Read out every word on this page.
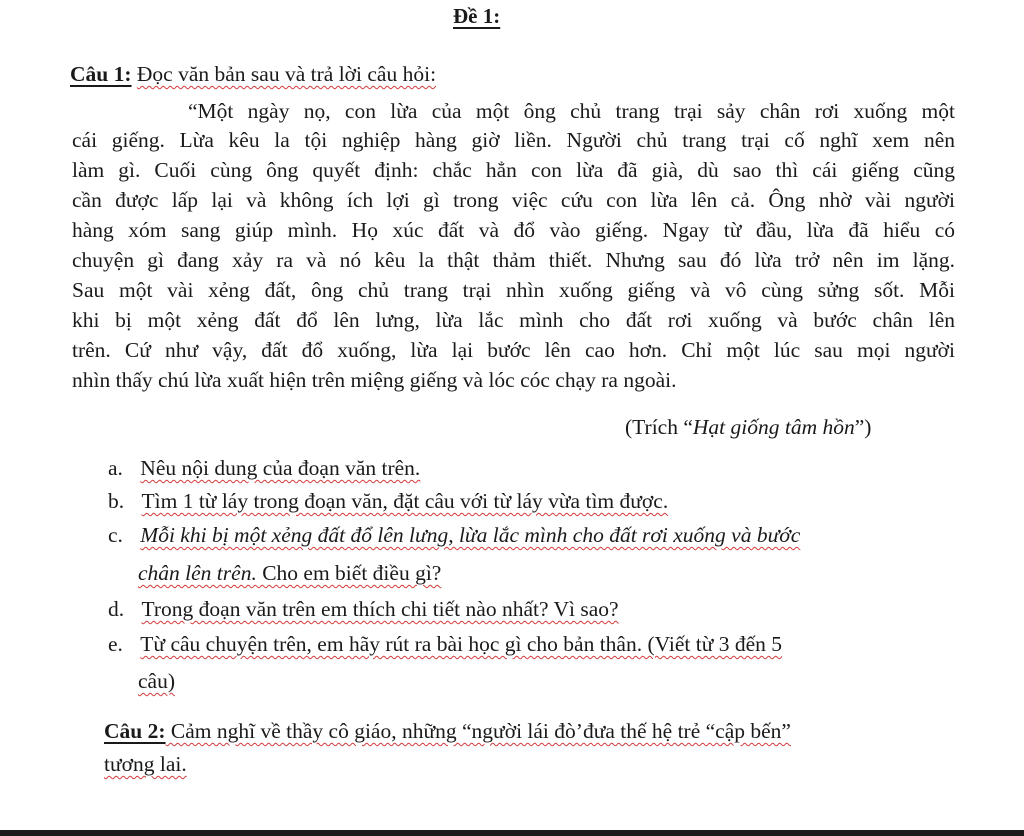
Đề 1:
Câu 1: Đọc văn bản sau và trả lời câu hỏi:
“Một ngày nọ, con lừa của một ông chủ trang trại sảy chân rơi xuống một
cái giếng. Lừa kêu la tội nghiệp hàng giờ liền. Người chủ trang trại cố nghĩ xem nên
làm gì. Cuối cùng ông quyết định: chắc hẳn con lừa đã già, dù sao thì cái giếng cũng
cần được lấp lại và không ích lợi gì trong việc cứu con lừa lên cả. Ông nhờ vài người
hàng xóm sang giúp mình. Họ xúc đất và đổ vào giếng. Ngay từ đầu, lừa đã hiểu có
chuyện gì đang xảy ra và nó kêu la thật thảm thiết. Nhưng sau đó lừa trở nên im lặng.
Sau một vài xẻng đất, ông chủ trang trại nhìn xuống giếng và vô cùng sửng sốt. Mỗi
khi bị một xẻng đất đổ lên lưng, lừa lắc mình cho đất rơi xuống và bước chân lên
trên. Cứ như vậy, đất đổ xuống, lừa lại bước lên cao hơn. Chỉ một lúc sau mọi người
nhìn thấy chú lừa xuất hiện trên miệng giếng và lóc cóc chạy ra ngoài.
(Trích “Hạt giống tâm hồn”)
a. Nêu nội dung của đoạn văn trên.
b. Tìm 1 từ láy trong đoạn văn, đặt câu với từ láy vừa tìm được.
c. Mỗi khi bị một xẻng đất đổ lên lưng, lừa lắc mình cho đất rơi xuống và bước
chân lên trên. Cho em biết điều gì?
d. Trong đoạn văn trên em thích chi tiết nào nhất? Vì sao?
e. Từ câu chuyện trên, em hãy rút ra bài học gì cho bản thân. (Viết từ 3 đến 5
câu)
Câu 2: Cảm nghĩ về thầy cô giáo, những “người lái đò’đưa thế hệ trẻ “cập bến”
tương lai.
